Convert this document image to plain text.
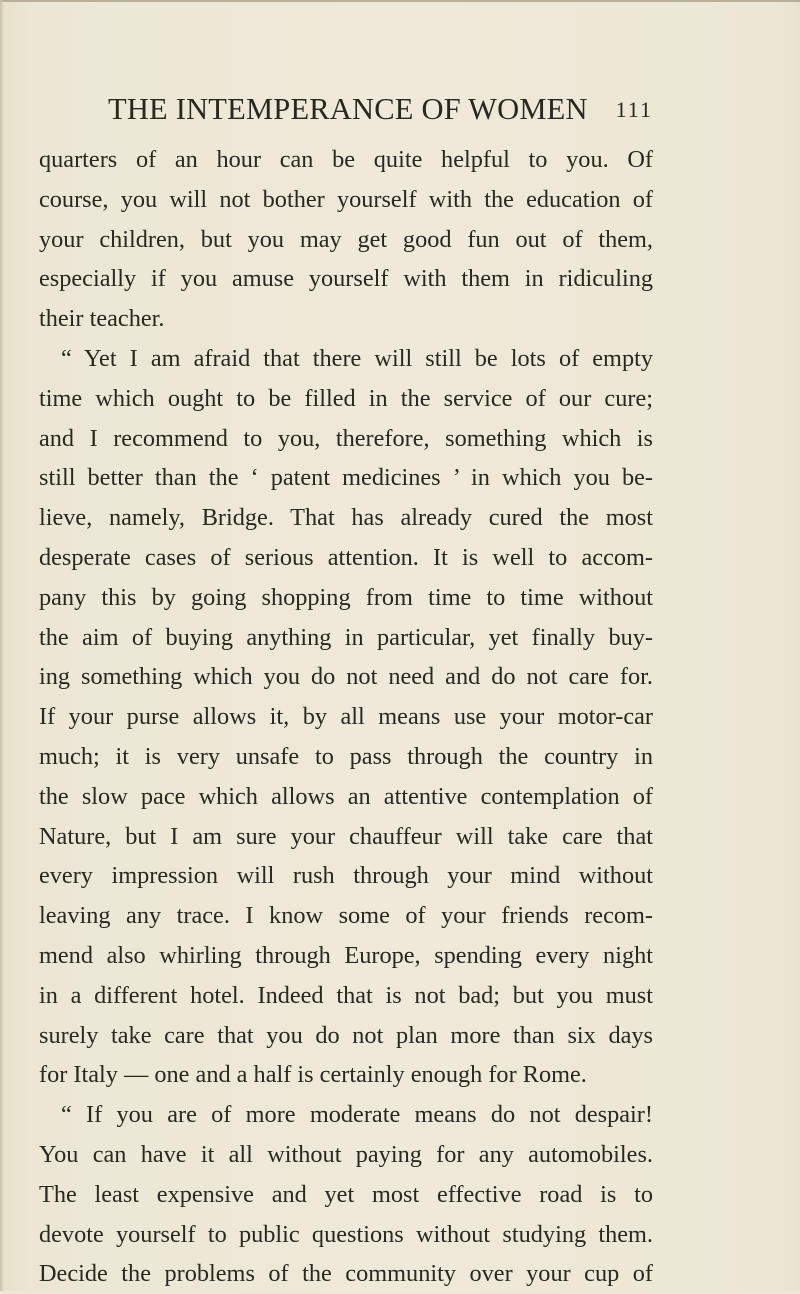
THE INTEMPERANCE OF WOMEN 111
quarters of an hour can be quite helpful to you. Of
course, you will not bother yourself with the education of
your children, but you may get good fun out of them,
especially if you amuse yourself with them in ridiculing
their teacher.
“ Yet I am afraid that there will still be lots of empty
time which ought to be filled in the service of our cure;
and I recommend to you, therefore, something which is
still better than the ‘ patent medicines ’ in which you be-
lieve, namely, Bridge. That has already cured the most
desperate cases of serious attention. It is well to accom-
pany this by going shopping from time to time without
the aim of buying anything in particular, yet finally buy-
ing something which you do not need and do not care for.
If your purse allows it, by all means use your motor-car
much; it is very unsafe to pass through the country in
the slow pace which allows an attentive contemplation of
Nature, but I am sure your chauffeur will take care that
every impression will rush through your mind without
leaving any trace. I know some of your friends recom-
mend also whirling through Europe, spending every night
in a different hotel. Indeed that is not bad; but you must
surely take care that you do not plan more than six days
for Italy — one and a half is certainly enough for Rome.
“ If you are of more moderate means do not despair!
You can have it all without paying for any automobiles.
The least expensive and yet most effective road is to
devote yourself to public questions without studying them.
Decide the problems of the community over your cup of
